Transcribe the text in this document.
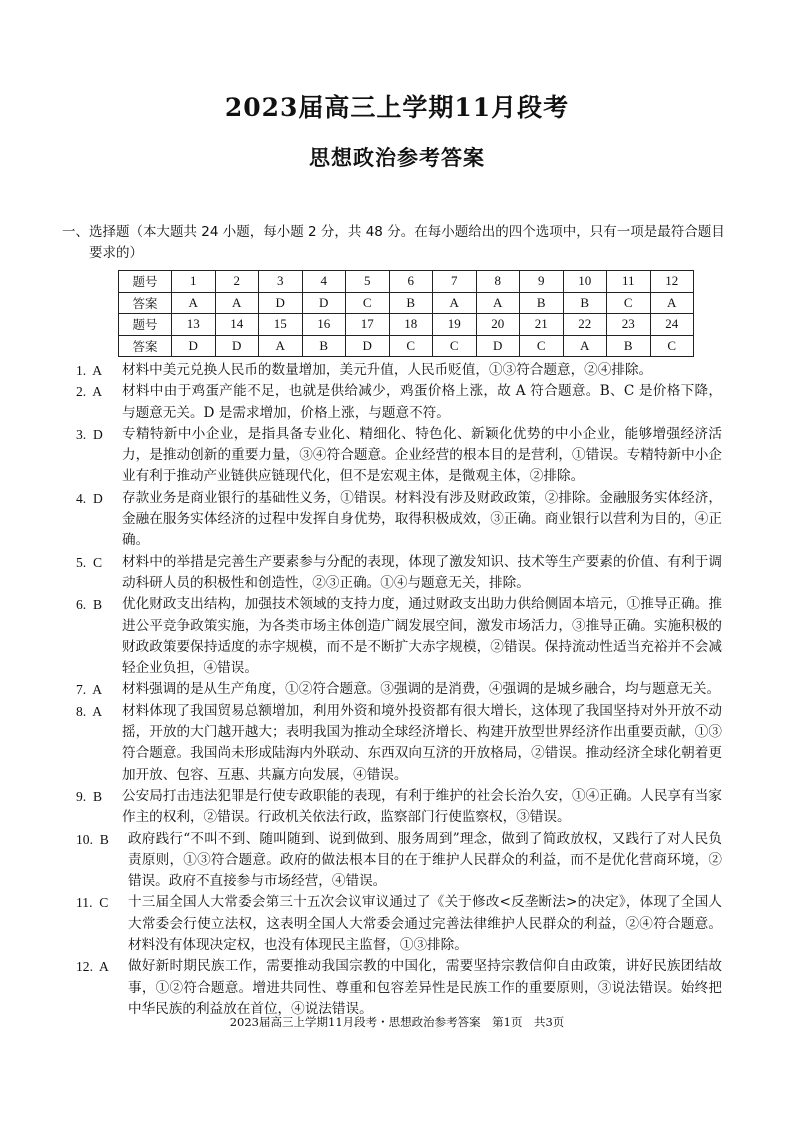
2023届高三上学期11月段考
思想政治参考答案
一、 选择题（本大题共 24 小题，每小题 2 分，共 48 分。在每小题给出的四个选项中，只有一项是最符合题目要求的）
题号	1	2	3	4	5	6	7	8	9	10	11	12
答案	A	A	D	D	C	B	A	A	B	B	C	A
题号	13	14	15	16	17	18	19	20	21	22	23	24
答案	D	D	A	B	D	C	C	D	C	A	B	C
1.  A	材料中美元兑换人民币的数量增加，美元升值，人民币贬值，①③符合题意，②④排除。
2.  A	材料中由于鸡蛋产能不足，也就是供给减少，鸡蛋价格上涨，故 A 符合题意。B、C 是价格下降，与题意无关。D 是需求增加，价格上涨，与题意不符。
3.  D	专精特新中小企业，是指具备专业化、精细化、特色化、新颖化优势的中小企业，能够增强经济活力，是推动创新的重要力量，③④符合题意。企业经营的根本目的是营利，①错误。专精特新中小企业有利于推动产业链供应链现代化，但不是宏观主体，是微观主体，②排除。
4.  D	存款业务是商业银行的基础性义务，①错误。材料没有涉及财政政策，②排除。金融服务实体经济，金融在服务实体经济的过程中发挥自身优势，取得积极成效，③正确。商业银行以营利为目的，④正确。
5.  C	材料中的举措是完善生产要素参与分配的表现，体现了激发知识、技术等生产要素的价值、有利于调动科研人员的积极性和创造性，②③正确。①④与题意无关，排除。
6.  B	优化财政支出结构，加强技术领域的支持力度，通过财政支出助力供给侧固本培元，①推导正确。推进公平竞争政策实施，为各类市场主体创造广阔发展空间，激发市场活力，③推导正确。实施积极的财政政策要保持适度的赤字规模，而不是不断扩大赤字规模，②错误。保持流动性适当充裕并不会减轻企业负担，④错误。
7.  A	材料强调的是从生产角度，①②符合题意。③强调的是消费，④强调的是城乡融合，均与题意无关。
8.  A	材料体现了我国贸易总额增加，利用外资和境外投资都有很大增长，这体现了我国坚持对外开放不动摇，开放的大门越开越大；表明我国为推动全球经济增长、构建开放型世界经济作出重要贡献，①③符合题意。我国尚未形成陆海内外联动、东西双向互济的开放格局，②错误。推动经济全球化朝着更加开放、包容、互惠、共赢方向发展，④错误。
9.  B	公安局打击违法犯罪是行使专政职能的表现，有利于维护的社会长治久安，①④正确。人民享有当家作主的权利，②错误。行政机关依法行政，监察部门行使监察权，③错误。
10.  B	政府践行“不叫不到、随叫随到、说到做到、服务周到”理念，做到了简政放权，又践行了对人民负责原则，①③符合题意。政府的做法根本目的在于维护人民群众的利益，而不是优化营商环境，②错误。政府不直接参与市场经营，④错误。
11.  C	十三届全国人大常委会第三十五次会议审议通过了《关于修改<反垄断法>的决定》，体现了全国人大常委会行使立法权，这表明全国人大常委会通过完善法律维护人民群众的利益，②④符合题意。材料没有体现决定权，也没有体现民主监督，①③排除。
12.  A	做好新时期民族工作，需要推动我国宗教的中国化，需要坚持宗教信仰自由政策，讲好民族团结故事，①②符合题意。增进共同性、尊重和包容差异性是民族工作的重要原则，③说法错误。始终把中华民族的利益放在首位，④说法错误。
2023届高三上学期11月段考・思想政治参考答案　第1页　共3页
